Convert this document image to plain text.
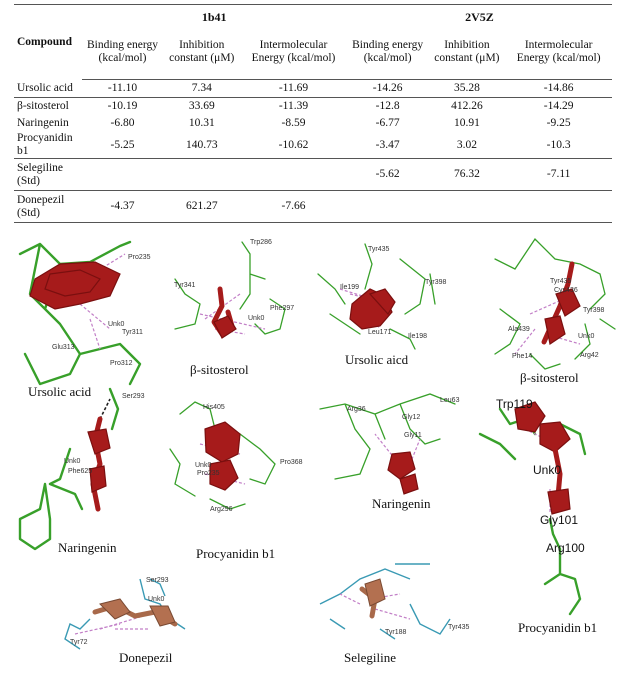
Compound	1b41			2V5Z		
	Binding energy (kcal/mol)	Inhibition constant (μM)	Intermolecular Energy (kcal/mol)	Binding energy (kcal/mol)	Inhibition constant (μM)	Intermolecular Energy (kcal/mol)
Ursolic acid	-11.10	7.34	-11.69	-14.26	35.28	-14.86
β-sitosterol	-10.19	33.69	-11.39	-12.8	412.26	-14.29
Naringenin	-6.80	10.31	-8.59	-6.77	10.91	-9.25
Procyanidin b1	-5.25	140.73	-10.62	-3.47	3.02	-10.3
Selegiline (Std)				-5.62	76.32	-7.11
Donepezil (Std)	-4.37	621.27	-7.66			
Pro235
Tyr311
Unk0
Glu313
Pro312
Ursolic acid
Trp286
Tyr341
Unk0
Phe297
β-sitosterol
Tyr435
Tyr398
Leu171
Ile198
Ile199
Ursolic aicd
Tyr435
Cys436
Tyr398
Ala439
Unk0
Phe14	Arg42
β-sitosterol
Ser293
Unk0
Phe625
Naringenin
His405
Unk0
Pro235
Pro368
Arg296
Procyanidin b1
Arg36
Leu63
Gly12
Gly11
Naringenin
Trp119
Unk0
Gly101
Arg100
Procyanidin b1
Ser293
Unk0
Tyr72
Donepezil
Tyr435
Tyr188
Selegiline
